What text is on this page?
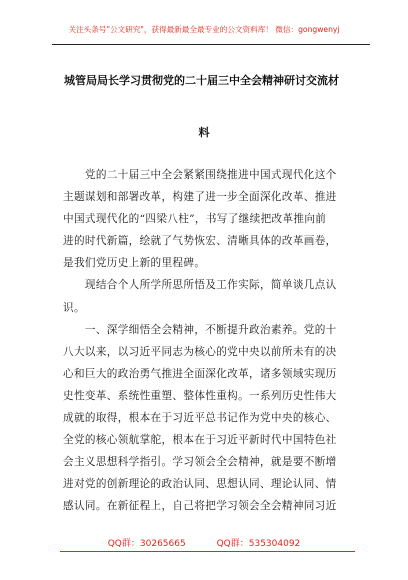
关注头条号"公文研究"，获得最新最全最专业的公文资料库！ 微信：gongwenyj
城管局局长学习贯彻党的二十届三中全会精神研讨交流材
料
　　党的二十届三中全会紧紧围绕推进中国式现代化这个
主题谋划和部署改革，构建了进一步全面深化改革、推进
中国式现代化的“四梁八柱”，书写了继续把改革推向前
进的时代新篇，绘就了气势恢宏、清晰具体的改革画卷，
是我们党历史上新的里程碑。
　　现结合个人所学所思所悟及工作实际，简单谈几点认
识。
　　一、深学细悟全会精神，不断提升政治素养。党的十
八大以来，以习近平同志为核心的党中央以前所未有的决
心和巨大的政治勇气推进全面深化改革，诸多领域实现历
史性变革、系统性重塑、整体性重构。一系列历史性伟大
成就的取得，根本在于习近平总书记作为党中央的核心、
全党的核心领航掌舵，根本在于习近平新时代中国特色社
会主义思想科学指引。学习领会全会精神，就是要不断增
进对党的创新理论的政治认同、思想认同、理论认同、情
感认同。在新征程上，自己将把学习领会全会精神同习近
QQ群：30265665	QQ群：535304092
